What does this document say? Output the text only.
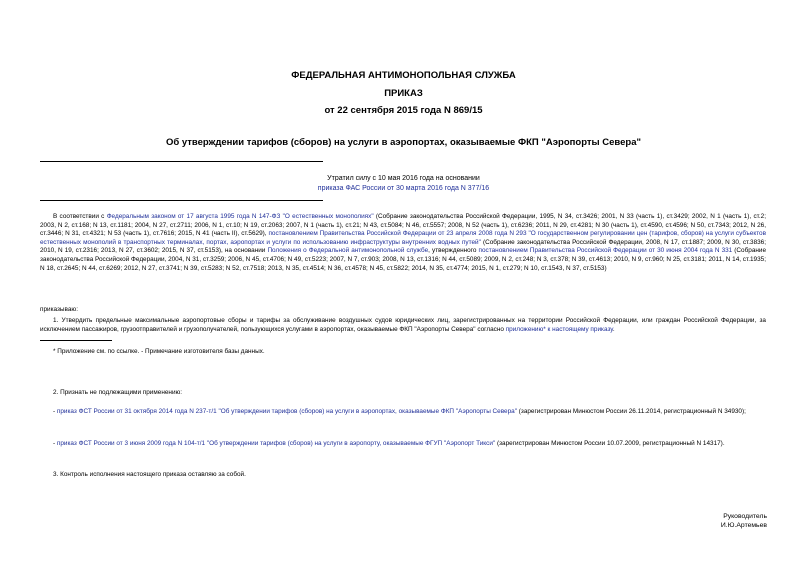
ФЕДЕРАЛЬНАЯ АНТИМОНОПОЛЬНАЯ СЛУЖБА
ПРИКАЗ
от 22 сентября 2015 года N 869/15
Об утверждении тарифов (сборов) на услуги в аэропортах, оказываемые ФКП "Аэропорты Севера"
Утратил силу с 10 мая 2016 года на основании
приказа ФАС России от 30 марта 2016 года N 377/16
В соответствии с Федеральным законом от 17 августа 1995 года N 147-ФЗ "О естественных монополиях" (Собрание законодательства Российской Федерации, 1995, N 34, ст.3426; 2001, N 33 (часть 1), ст.3429; 2002, N 1 (часть 1), ст.2; 2003, N 2, ст.168; N 13, ст.1181; 2004, N 27, ст.2711; 2006, N 1, ст.10; N 19, ст.2063; 2007, N 1 (часть 1), ст.21; N 43, ст.5084; N 46, ст.5557; 2008, N 52 (часть 1), ст.6236; 2011, N 29, ст.4281; N 30 (часть 1), ст.4590, ст.4596; N 50, ст.7343; 2012, N 26, ст.3446; N 31, ст.4321; N 53 (часть 1), ст.7616; 2015, N 41 (часть II), ст.5629), постановлением Правительства Российской Федерации от 23 апреля 2008 года N 293 "О государственном регулировании цен (тарифов, сборов) на услуги субъектов естественных монополий в транспортных терминалах, портах, аэропортах и услуги по использованию инфраструктуры внутренних водных путей" (Собрание законодательства Российской Федерации, 2008, N 17, ст.1887; 2009, N 30, ст.3836; 2010, N 19, ст.2316; 2013, N 27, ст.3602; 2015, N 37, ст.5153), на основании Положения о Федеральной антимонопольной службе, утвержденного постановлением Правительства Российской Федерации от 30 июня 2004 года N 331 (Собрание законодательства Российской Федерации, 2004, N 31, ст.3259; 2006, N 45, ст.4706; N 49, ст.5223; 2007, N 7, ст.903; 2008, N 13, ст.1316; N 44, ст.5089; 2009, N 2, ст.248; N 3, ст.378; N 39, ст.4613; 2010, N 9, ст.960; N 25, ст.3181; 2011, N 14, ст.1935; N 18, ст.2645; N 44, ст.6269; 2012, N 27, ст.3741; N 39, ст.5283; N 52, ст.7518; 2013, N 35, ст.4514; N 36, ст.4578; N 45, ст.5822; 2014, N 35, ст.4774; 2015, N 1, ст.279; N 10, ст.1543, N 37, ст.5153)
приказываю:
1. Утвердить предельные максимальные аэропортовые сборы и тарифы за обслуживание воздушных судов юридических лиц, зарегистрированных на территории Российской Федерации, или граждан Российской Федерации, за исключением пассажиров, грузоотправителей и грузополучателей, пользующихся услугами в аэропортах, оказываемые ФКП "Аэропорты Севера" согласно приложению* к настоящему приказу.
* Приложение см. по ссылке. - Примечание изготовителя базы данных.
2. Признать не подлежащими применению:
- приказ ФСТ России от 31 октября 2014 года N 237-т/1 "Об утверждении тарифов (сборов) на услуги в аэропортах, оказываемые ФКП "Аэропорты Севера" (зарегистрирован Минюстом России 26.11.2014, регистрационный N 34930);
- приказ ФСТ России от 3 июня 2009 года N 104-т/1 "Об утверждении тарифов (сборов) на услуги в аэропорту, оказываемые ФГУП "Аэропорт Тикси" (зарегистрирован Минюстом России 10.07.2009, регистрационный N 14317).
3. Контроль исполнения настоящего приказа оставляю за собой.
Руководитель
И.Ю.Артемьев
